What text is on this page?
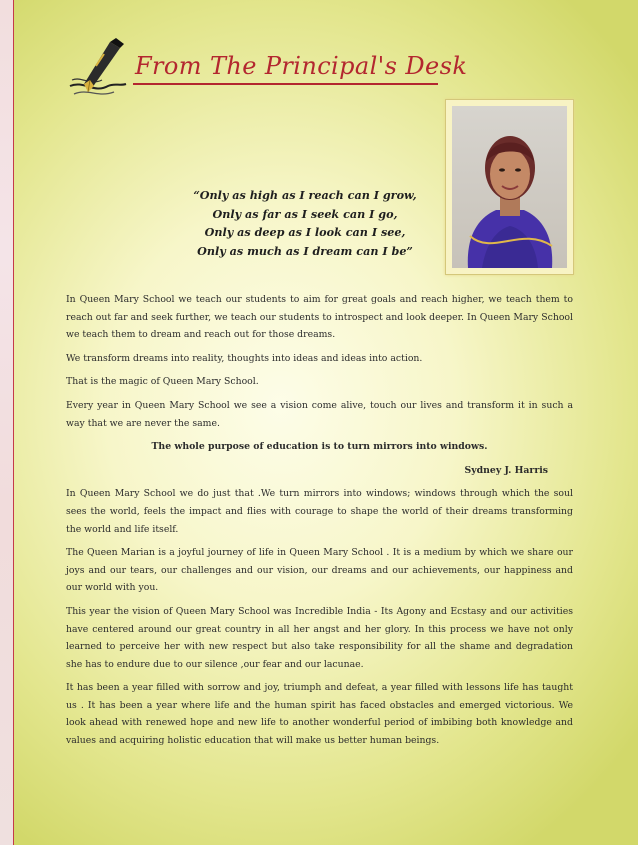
From The Principal's Desk
“Only as high as I reach can I grow,
Only as far as I seek can I go,
Only as deep as I look can I see,
Only as much as I dream can I be”

In Queen Mary School we teach our students to aim for great goals and reach higher, we teach them to reach out far and seek further, we teach our students to introspect and look deeper. In Queen Mary School we teach them to dream and reach out for those dreams.

We transform dreams into reality, thoughts into ideas and ideas into action.

That is the magic of Queen Mary School.

Every year in Queen Mary School we see a vision come alive, touch our lives and transform it in such a way that we are never the same.

The whole purpose of education is to turn mirrors into windows.

Sydney J. Harris

In Queen Mary School we do just that .We turn mirrors into windows; windows through which the soul sees the world, feels the impact and flies with courage to shape the world of their dreams transforming the world and life itself.

The Queen Marian is a joyful journey of life in Queen Mary School . It is a medium by which we share our joys and our tears, our challenges and our vision, our dreams and our achievements, our happiness and our world with you.

This year the vision of Queen Mary School was Incredible India - Its Agony and Ecstasy and our activities have centered around our great country in all her angst and her glory. In this process we have not only learned to perceive her with new respect but also take responsibility for all the shame and degradation she has to endure due to our silence ,our fear and our lacunae.

It has been a year filled with sorrow and joy, triumph and defeat, a year filled with lessons life has taught us . It has been a year where life and the human spirit has faced obstacles and emerged victorious. We look ahead with renewed hope and new life to another wonderful period of imbibing both knowledge and values and acquiring holistic education that will make us better human beings.
